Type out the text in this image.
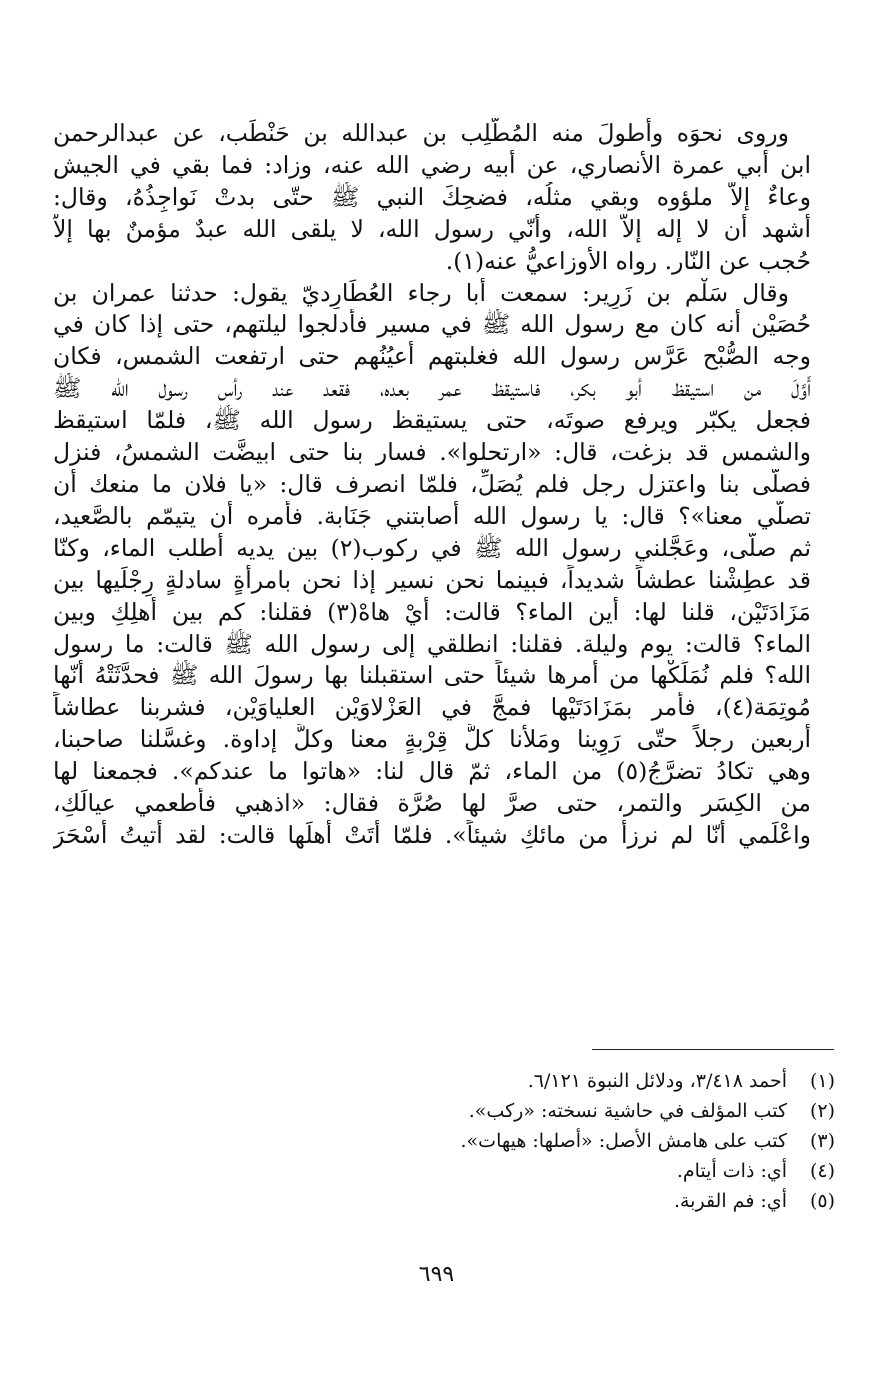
وروى نحوَه وأطولَ منه المُطَّلِب بن عبدالله بن حَنْطَب، عن عبدالرحمن
ابن أبي عمرة الأنصاري، عن أبيه رضي الله عنه، وزاد: فما بقي في الجيش
وعاءٌ إلاّ ملؤوه وبقي مثلُه، فضحِكَ النبي ﷺ حتّى بدتْ نَواجِذُهُ، وقال:
أشهد أن لا إله إلاّ الله، وأنّي رسول الله، لا يلقى الله عبدٌ مؤمنٌ بها إلاّ
حُجب عن النّار. رواه الأوزاعيُّ عنه(١).
وقال سَلْم بن زَرِير: سمعت أبا رجاء العُطَارِديّ يقول: حدثنا عمران بن
حُصَيْن أنه كان مع رسول الله ﷺ في مسير فأدلجوا ليلتهم، حتى إذا كان في
وجه الصُّبْح عَرَّس رسول الله فغلبتهم أعيُنُهم حتى ارتفعت الشمس، فكان
أَوَّلَ من استيقظ أبو بكر، فاستيقظ عمر بعده، فقعد عند رأس رسول الله ﷺ
فجعل يكبّر ويرفع صوتَه، حتى يستيقظ رسول الله ﷺ، فلمّا استيقظ
والشمس قد بزغت، قال: «ارتحلوا». فسار بنا حتى ابيضَّت الشمسُ، فنزل
فصلّى بنا واعتزل رجل فلم يُصَلِّ، فلمّا انصرف قال: «يا فلان ما منعك أن
تصلّي معنا»؟ قال: يا رسول الله أصابتني جَنَابة. فأمره أن يتيمّم بالصَّعيد،
ثم صلّى، وعَجَّلني رسول الله ﷺ في ركوب(٢) بين يديه أطلب الماء، وكنّا
قد عطِشْنا عطشاً شديداً، فبينما نحن نسير إذا نحن بامرأةٍ سادلةٍ رِجْلَيها بين
مَزَادَتَيْن، قلنا لها: أين الماء؟ قالت: أيْ هاهْ(٣) فقلنا: كم بين أهلِكِ وبين
الماء؟ قالت: يوم وليلة. فقلنا: انطلقي إلى رسول الله ﷺ قالت: ما رسول
الله؟ فلم نُمَلِّكْها من أمرها شيئاً حتى استقبلنا بها رسولَ الله ﷺ فحدَّثَتْهُ أنّها
مُوتِمَة(٤)، فأمر بمَزَادَتَيْها فمجَّ في العَزْلاوَيْن العلياوَيْن، فشربنا عطاشاً
أربعين رجلاً حتّى رَوِينا ومَلأنا كلَّ قِرْبةٍ معنا وكلَّ إداوة. وغسَّلنا صاحبنا،
وهي تكادُ تضرَّجُ(٥) من الماء، ثمّ قال لنا: «هاتوا ما عندكم». فجمعنا لها
من الكِسَر والتمر، حتى صرَّ لها صُرَّة فقال: «اذهبي فأطعمي عيالَكِ،
واعْلَمي أنّا لم نرزأ من مائكِ شيئاً». فلمّا أتَتْ أهلَها قالت: لقد أتيتُ أسْحَرَ
(١)
أحمد ٣/٤١٨، ودلائل النبوة ٦/١٢١.
(٢)
كتب المؤلف في حاشية نسخته: «ركب».
(٣)
كتب على هامش الأصل: «أصلها: هيهات».
(٤)
أي: ذات أيتام.
(٥)
أي: فم القربة.
٦٩٩
